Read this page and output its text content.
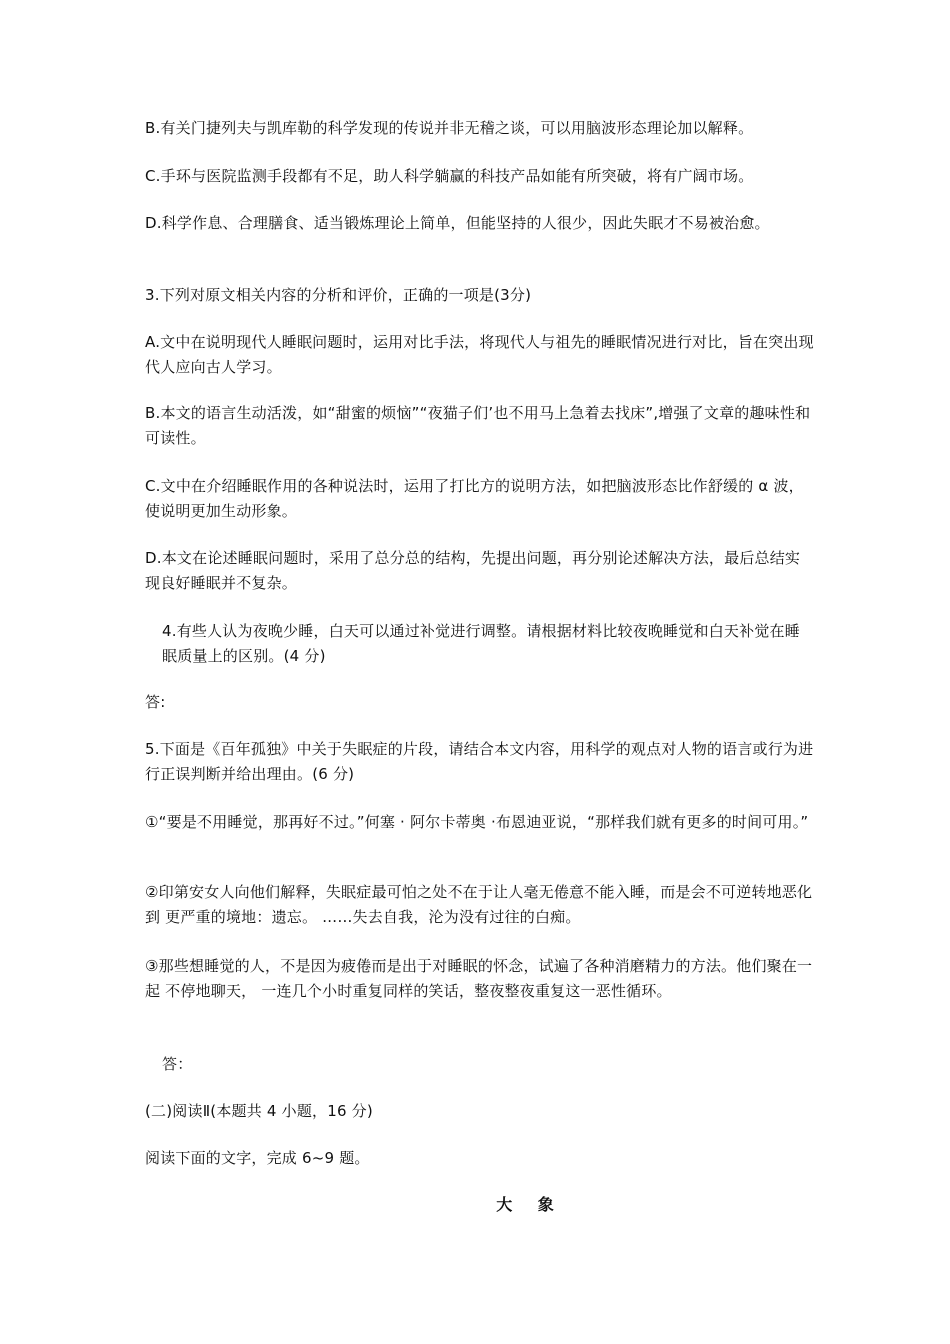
B.有关门捷列夫与凯库勒的科学发现的传说并非无稽之谈，可以用脑波形态理论加以解释。

C.手环与医院监测手段都有不足，助人科学躺赢的科技产品如能有所突破，将有广阔市场。

D.科学作息、合理膳食、适当锻炼理论上简单，但能坚持的人很少，因此失眠才不易被治愈。

3.下列对原文相关内容的分析和评价，正确的一项是(3分)

A.文中在说明现代人睡眠问题时，运用对比手法，将现代人与祖先的睡眠情况进行对比，旨在突出现代人应向古人学习。

B.本文的语言生动活泼，如“甜蜜的烦恼”“夜猫子们’也不用马上急着去找床”,增强了文章的趣味性和可读性。

C.文中在介绍睡眠作用的各种说法时，运用了打比方的说明方法，如把脑波形态比作舒缓的 α 波，使说明更加生动形象。

D.本文在论述睡眠问题时，采用了总分总的结构，先提出问题，再分别论述解决方法，最后总结实现良好睡眠并不复杂。

4.有些人认为夜晚少睡，白天可以通过补觉进行调整。请根据材料比较夜晚睡觉和白天补觉在睡眠质量上的区别。(4 分)

答:

5.下面是《百年孤独》中关于失眠症的片段，请结合本文内容，用科学的观点对人物的语言或行为进行正误判断并给出理由。(6 分)

①“要是不用睡觉，那再好不过。”何塞 · 阿尔卡蒂奥 ·布恩迪亚说，“那样我们就有更多的时间可用。”

②印第安女人向他们解释，失眠症最可怕之处不在于让人毫无倦意不能入睡，而是会不可逆转地恶化到 更严重的境地：遗忘。 ……失去自我，沦为没有过往的白痴。

③那些想睡觉的人，不是因为疲倦而是出于对睡眠的怀念，试遍了各种消磨精力的方法。他们聚在一起 不停地聊天， 一连几个小时重复同样的笑话，整夜整夜重复这一恶性循环。

答：

(二)阅读Ⅱ(本题共 4 小题，16 分)

阅读下面的文字，完成 6~9 题。

大 象
